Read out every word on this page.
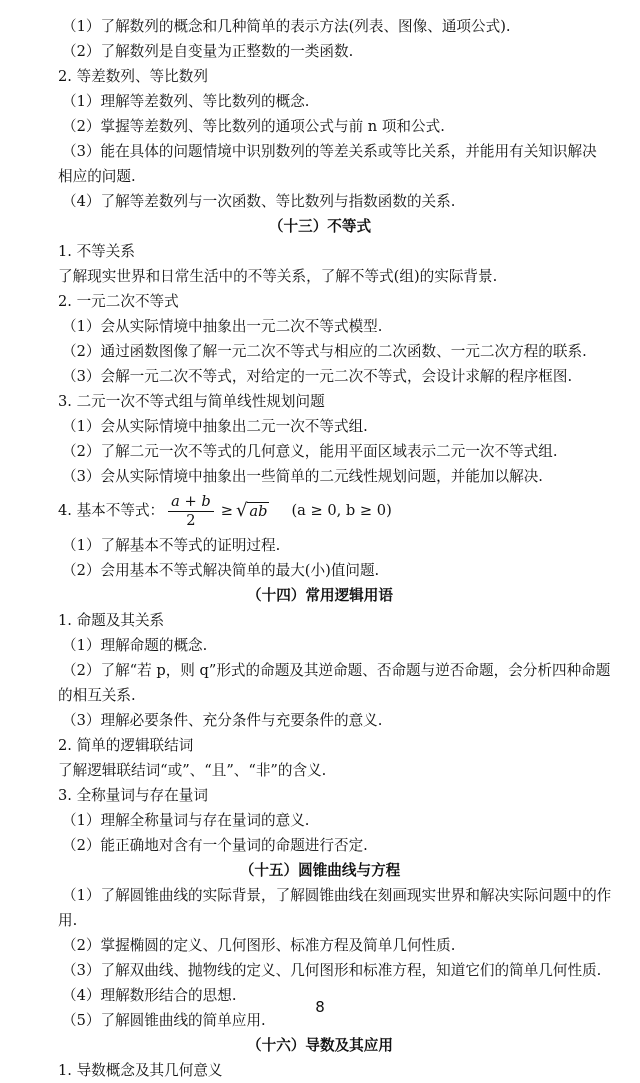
（1）了解数列的概念和几种简单的表示方法(列表、图像、通项公式).

（2）了解数列是自变量为正整数的一类函数.

2. 等差数列、等比数列

（1）理解等差数列、等比数列的概念.

（2）掌握等差数列、等比数列的通项公式与前 n 项和公式.

（3）能在具体的问题情境中识别数列的等差关系或等比关系，并能用有关知识解决

相应的问题.

（4）了解等差数列与一次函数、等比数列与指数函数的关系.

（十三）不等式

1. 不等关系

了解现实世界和日常生活中的不等关系，了解不等式(组)的实际背景.

2. 一元二次不等式

（1）会从实际情境中抽象出一元二次不等式模型.

（2）通过函数图像了解一元二次不等式与相应的二次函数、一元二次方程的联系.

（3）会解一元二次不等式，对给定的一元二次不等式，会设计求解的程序框图.

3. 二元一次不等式组与简单线性规划问题

（1）会从实际情境中抽象出二元一次不等式组.

（2）了解二元一次不等式的几何意义，能用平面区域表示二元一次不等式组.

（3）会从实际情境中抽象出一些简单的二元线性规划问题，并能加以解决.

4. 基本不等式： $\frac{a + b}{2}$ ≥ √ ab (a ≥ 0, b ≥ 0)

（1）了解基本不等式的证明过程.

（2）会用基本不等式解决简单的最大(小)值问题.

（十四）常用逻辑用语

1. 命题及其关系

（1）理解命题的概念.

（2）了解“若 p，则 q”形式的命题及其逆命题、否命题与逆否命题，会分析四种命题

的相互关系.

（3）理解必要条件、充分条件与充要条件的意义.

2. 简单的逻辑联结词

了解逻辑联结词“或”、“且”、“非”的含义.

3. 全称量词与存在量词

（1）理解全称量词与存在量词的意义.

（2）能正确地对含有一个量词的命题进行否定.

（十五）圆锥曲线与方程

（1）了解圆锥曲线的实际背景，了解圆锥曲线在刻画现实世界和解决实际问题中的作

用.

（2）掌握椭圆的定义、几何图形、标准方程及简单几何性质.

（3）了解双曲线、抛物线的定义、几何图形和标准方程，知道它们的简单几何性质.

（4）理解数形结合的思想.

（5）了解圆锥曲线的简单应用.

（十六）导数及其应用

1. 导数概念及其几何意义

8
